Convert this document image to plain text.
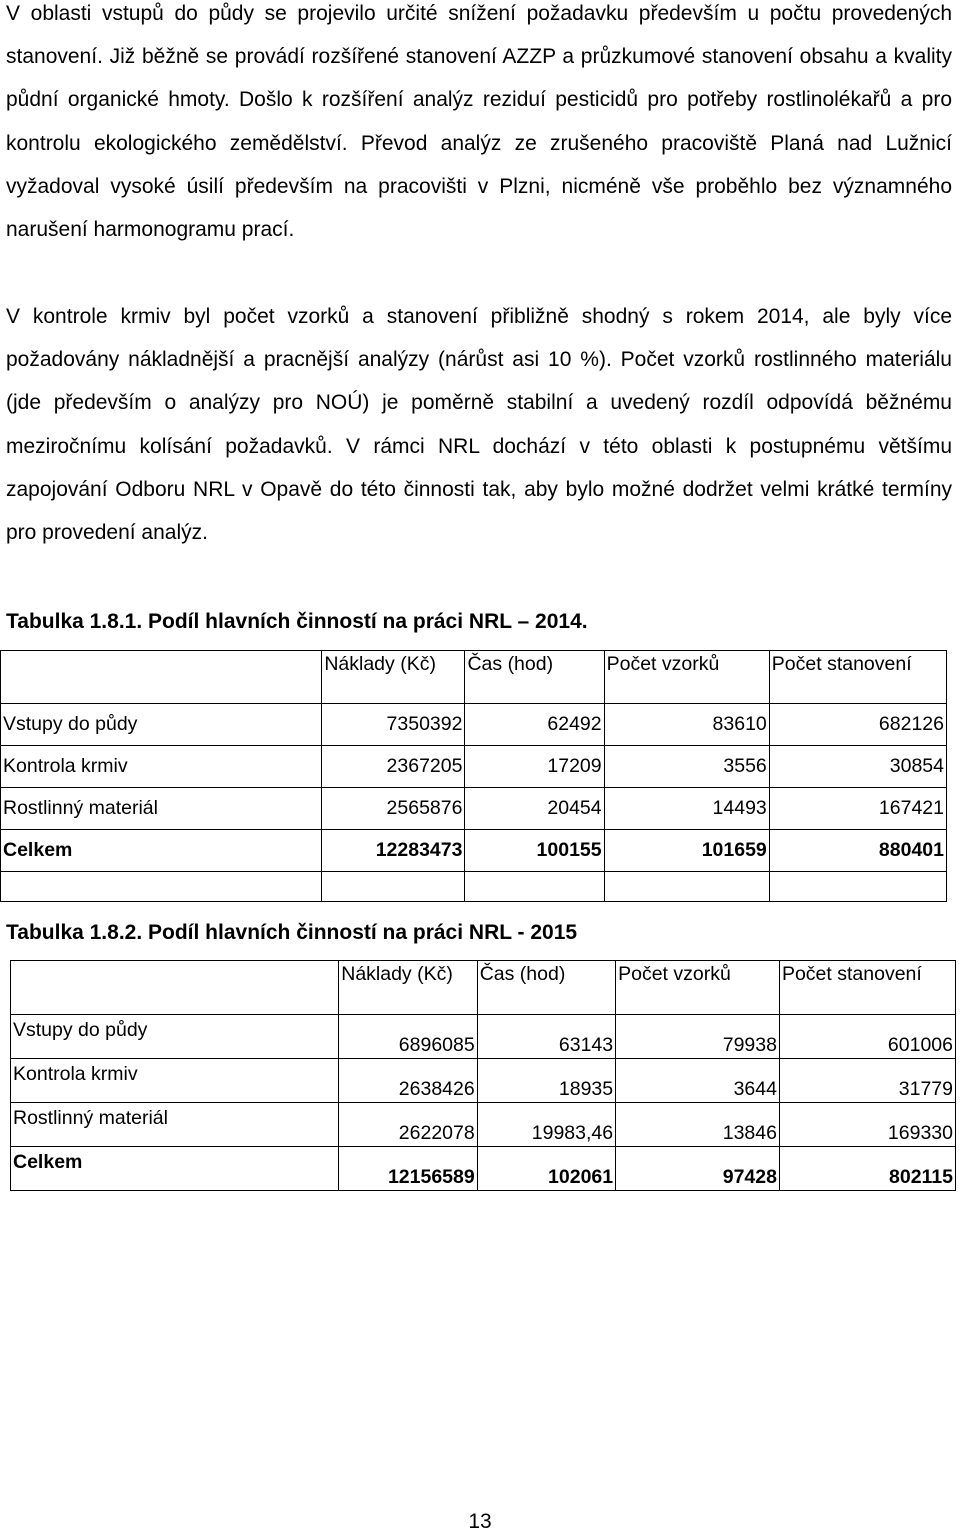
V oblasti vstupů do půdy se projevilo určité snížení požadavku především u počtu provedených stanovení. Již běžně se provádí rozšířené stanovení AZZP a průzkumové stanovení obsahu a kvality půdní organické hmoty. Došlo k rozšíření analýz reziduí pesticidů pro potřeby rostlinolékařů a pro kontrolu ekologického zemědělství. Převod analýz ze zrušeného pracoviště Planá nad Lužnicí vyžadoval vysoké úsilí především na pracovišti v Plzni, nicméně vše proběhlo bez významného narušení harmonogramu prací.

V kontrole krmiv byl počet vzorků a stanovení přibližně shodný s rokem 2014, ale byly více požadovány nákladnější a pracnější analýzy (nárůst asi 10 %). Počet vzorků rostlinného materiálu (jde především o analýzy pro NOÚ) je poměrně stabilní a uvedený rozdíl odpovídá běžnému meziročnímu kolísání požadavků. V rámci NRL dochází v této oblasti k postupnému většímu zapojování Odboru NRL v Opavě do této činnosti tak, aby bylo možné dodržet velmi krátké termíny pro provedení analýz.

Tabulka 1.8.1. Podíl hlavních činností na práci NRL – 2014.

	Náklady (Kč)	Čas (hod)	Počet vzorků	Počet stanovení
Vstupy do půdy	7350392	62492	83610	682126
Kontrola krmiv	2367205	17209	3556	30854
Rostlinný materiál	2565876	20454	14493	167421
Celkem	12283473	100155	101659	880401

Tabulka 1.8.2. Podíl hlavních činností na práci NRL - 2015

	Náklady (Kč)	Čas (hod)	Počet vzorků	Počet stanovení
Vstupy do půdy	6896085	63143	79938	601006
Kontrola krmiv	2638426	18935	3644	31779
Rostlinný materiál	2622078	19983,46	13846	169330
Celkem	12156589	102061	97428	802115
13
